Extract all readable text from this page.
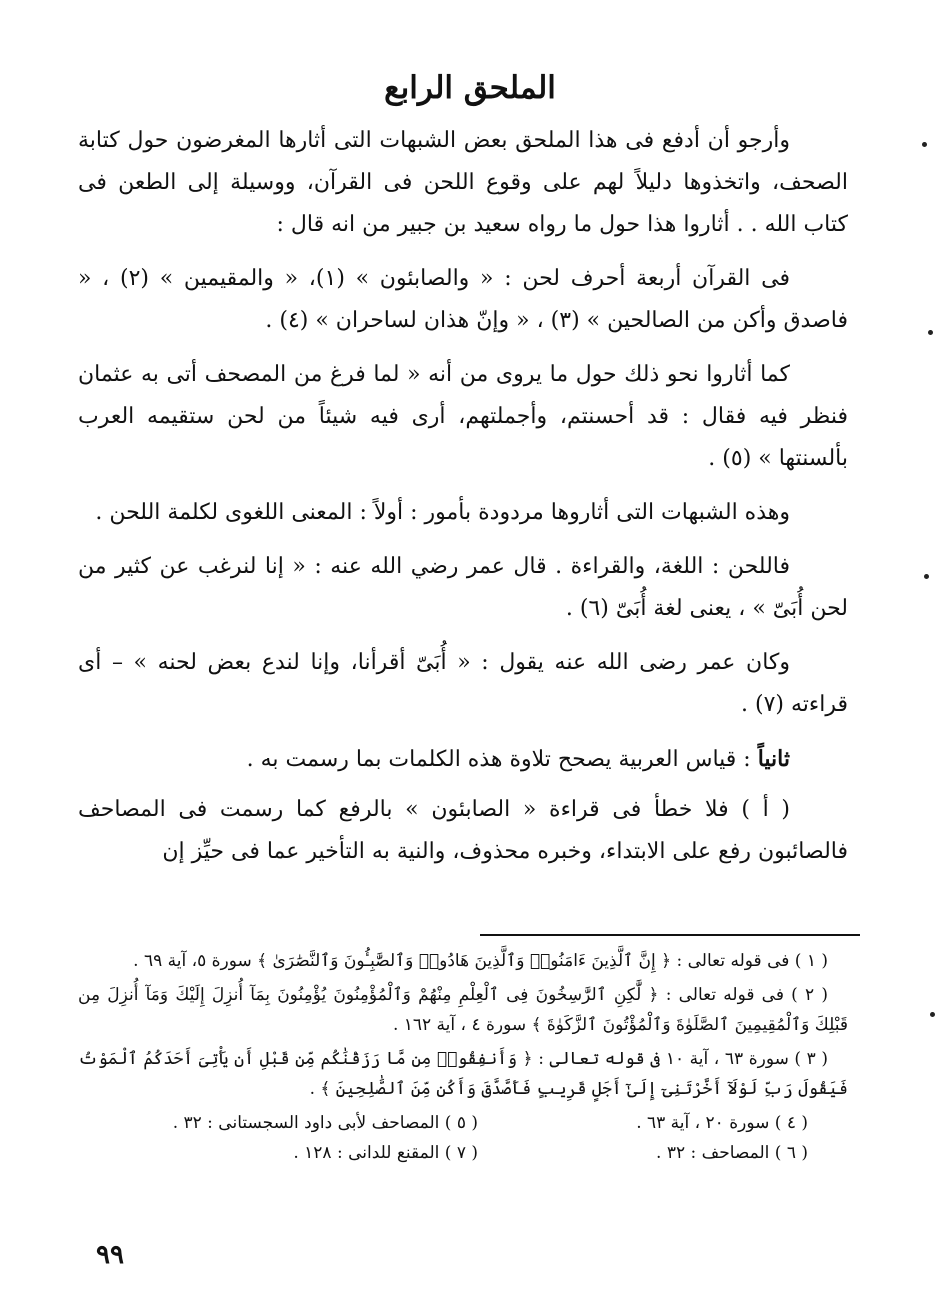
الملحق الرابع

وأرجو أن أدفع فى هذا الملحق بعض الشبهات التى أثارها المغرضون حول كتابة الصحف، واتخذوها دليلاً لهم على وقوع اللحن فى القرآن، ووسيلة إلى الطعن فى كتاب الله . . أثاروا هذا حول ما رواه سعيد بن جبير من انه قال :

فى القرآن أربعة أحرف لحن : « والصابئون » (١)، « والمقيمين » (٢) ، « فاصدق وأكن من الصالحين » (٣) ، « وإنّ هذان لساحران » (٤) .

كما أثاروا نحو ذلك حول ما يروى من أنه « لما فرغ من المصحف أتى به عثمان فنظر فيه فقال : قد أحسنتم، وأجملتهم، أرى فيه شيئاً من لحن ستقيمه العرب بألسنتها » (٥) .

وهذه الشبهات التى أثاروها مردودة بأمور : أولاً : المعنى اللغوى لكلمة اللحن .

فاللحن : اللغة، والقراءة . قال عمر رضي الله عنه : « إنا لنرغب عن كثير من لحن أُبَىّ » ، يعنى لغة أُبَىّ (٦) .

وكان عمر رضى الله عنه يقول : « أُبَىّ أقرأنا، وإنا لندع بعض لحنه » – أى قراءته (٧) .

ثانياً : قياس العربية يصحح تلاوة هذه الكلمات بما رسمت به .

( أ ) فلا خطأ فى قراءة « الصابئون » بالرفع كما رسمت فى المصاحف فالصائبون رفع على الابتداء، وخبره محذوف، والنية به التأخير عما فى حيِّز إن

( ١ ) فى قوله تعالى : ﴿ إِنَّ ٱلَّذِينَ ءَامَنُوا۟ وَٱلَّذِينَ هَادُوا۟ وَٱلصَّٰبِـُٔونَ وَٱلنَّصَٰرَىٰ ﴾ سورة ٥، آية ٦٩ .

( ٢ ) فى قوله تعالى : ﴿ لَّٰكِنِ ٱلرَّٰسِخُونَ فِى ٱلْعِلْمِ مِنْهُمْ وَٱلْمُؤْمِنُونَ يُؤْمِنُونَ بِمَآ أُنزِلَ إِلَيْكَ وَمَآ أُنزِلَ مِن قَبْلِكَ وَٱلْمُقِيمِينَ ٱلصَّلَوٰةَ وَٱلْمُؤْتُونَ ٱلزَّكَوٰةَ ﴾ سورة ٤ ، آية ١٦٢ .

( ٣ ) سورة ٦٣ ، آية ١٠ فى قوله تعالى : ﴿ وَأَنفِقُوا۟ مِن مَّا رَزَقْنَٰكُم مِّن قَبْلِ أَن يَأْتِىَ أَحَدَكُمُ ٱلْمَوْتُ فَيَقُولَ رَبِّ لَوْلَآ أَخَّرْتَنِىٓ إِلَىٰٓ أَجَلٍ قَرِيبٍ فَأَصَّدَّقَ وَأَكُن مِّنَ ٱلصَّٰلِحِينَ ﴾ .

( ٤ ) سورة ٢٠ ، آية ٦٣ .
( ٥ ) المصاحف لأبى داود السجستانى : ٣٢ .
( ٦ ) المصاحف : ٣٢ .
( ٧ ) المقنع للدانى : ١٢٨ .
٩٩
